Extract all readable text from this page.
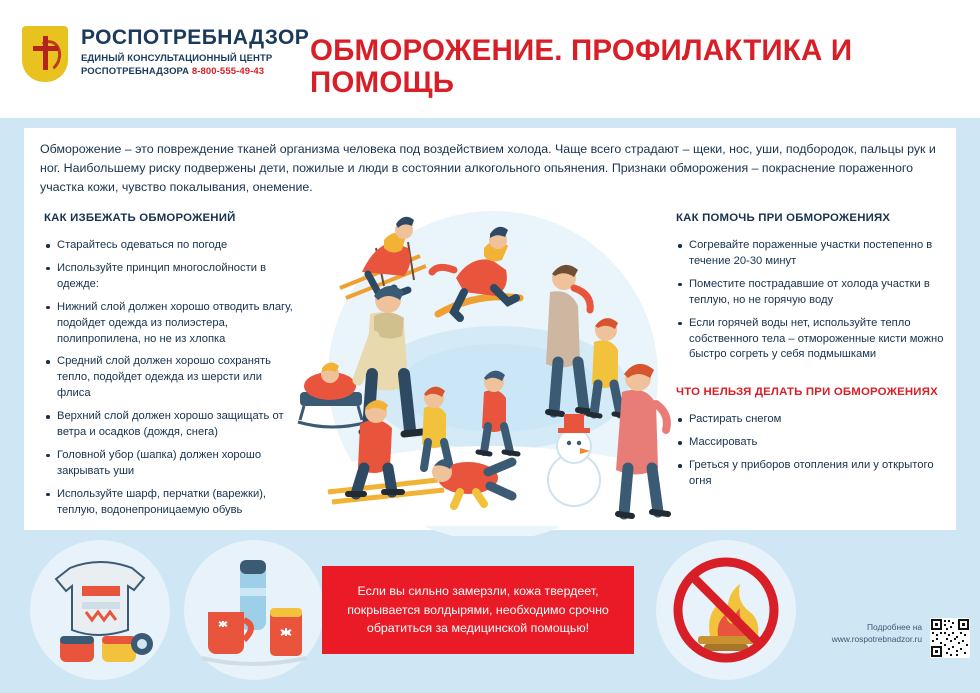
РОСПОТРЕБНАДЗОР
ЕДИНЫЙ КОНСУЛЬТАЦИОННЫЙ ЦЕНТР
РОСПОТРЕБНАДЗОРА 8-800-555-49-43
ОБМОРОЖЕНИЕ. ПРОФИЛАКТИКА И ПОМОЩЬ
Обморожение – это повреждение тканей организма человека под воздействием холода. Чаще всего страдают – щеки, нос, уши, подбородок, пальцы рук и ног. Наибольшему риску подвержены дети, пожилые и люди в состоянии алкогольного опьянения. Признаки обморожения – покраснение пораженного участка кожи, чувство покалывания, онемение.
КАК ИЗБЕЖАТЬ ОБМОРОЖЕНИЙ
Старайтесь одеваться по погоде
Используйте принцип многослойности в одежде:
Нижний слой должен хорошо отводить влагу, подойдет одежда из полиэстера, полипропилена, но не из хлопка
Средний слой должен хорошо сохранять тепло, подойдет одежда из шерсти или флиса
Верхний слой должен хорошо защищать от ветра и осадков (дождя, снега)
Головной убор (шапка) должен хорошо закрывать уши
Используйте шарф, перчатки (варежки), теплую, водонепроницаемую обувь
КАК ПОМОЧЬ ПРИ ОБМОРОЖЕНИЯХ
Согревайте пораженные участки постепенно в течение 20-30 минут
Поместите пострадавшие от холода участки в теплую, но не горячую воду
Если горячей воды нет, используйте тепло собственного тела – отмороженные кисти можно быстро согреть у себя подмышками
ЧТО НЕЛЬЗЯ ДЕЛАТЬ ПРИ ОБМОРОЖЕНИЯХ
Растирать снегом
Массировать
Греться у приборов отопления или у открытого огня
Если вы сильно замерзли, кожа твердеет, покрывается волдырями, необходимо срочно обратиться за медицинской помощью!	Подробнее на
www.rospotrebnadzor.ru
